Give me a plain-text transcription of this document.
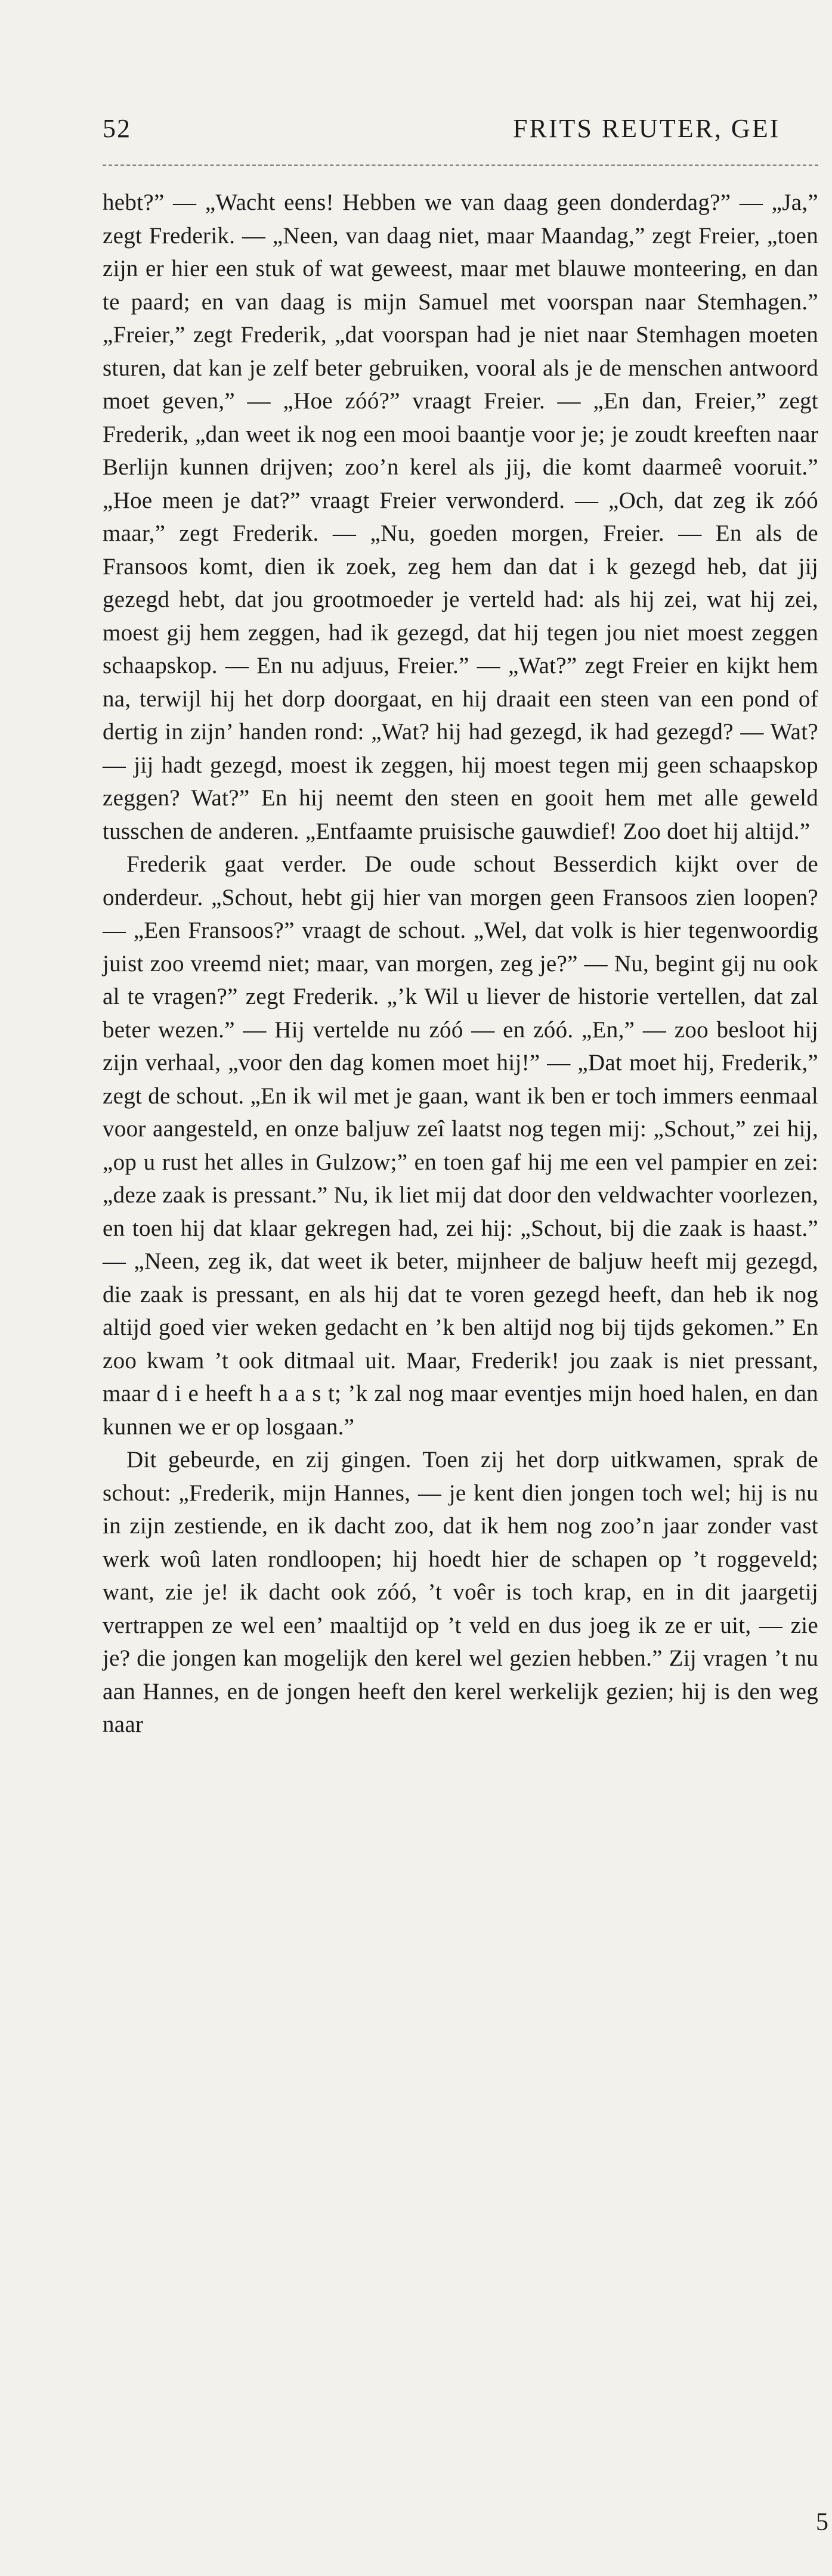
52	FRITS REUTER, GEI

hebt?” — „Wacht eens! Hebben we van daag geen donderdag?” — „Ja,” zegt Frederik. — „Neen, van daag niet, maar Maandag,” zegt Freier, „toen zijn er hier een stuk of wat geweest, maar met blauwe monteering, en dan te paard; en van daag is mijn Samuel met voorspan naar Stemhagen.” „Freier,” zegt Frederik, „dat voorspan had je niet naar Stemhagen moeten sturen, dat kan je zelf beter gebruiken, vooral als je de menschen antwoord moet geven,” — „Hoe zóó?” vraagt Freier. — „En dan, Freier,” zegt Frederik, „dan weet ik nog een mooi baantje voor je; je zoudt kreeften naar Berlijn kunnen drijven; zoo’n kerel als jij, die komt daarmeê vooruit.” „Hoe meen je dat?” vraagt Freier verwonderd. — „Och, dat zeg ik zóó maar,” zegt Frederik. — „Nu, goeden morgen, Freier. — En als de Fransoos komt, dien ik zoek, zeg hem dan dat i k gezegd heb, dat jij gezegd hebt, dat jou grootmoeder je verteld had: als hij zei, wat hij zei, moest gij hem zeggen, had ik gezegd, dat hij tegen jou niet moest zeggen schaapskop. — En nu adjuus, Freier.” — „Wat?” zegt Freier en kijkt hem na, terwijl hij het dorp doorgaat, en hij draait een steen van een pond of dertig in zijn’ handen rond: „Wat? hij had gezegd, ik had gezegd? — Wat? — jij hadt gezegd, moest ik zeggen, hij moest tegen mij geen schaapskop zeggen? Wat?” En hij neemt den steen en gooit hem met alle geweld tusschen de anderen. „Entfaamte pruisische gauwdief! Zoo doet hij altijd.”

Frederik gaat verder. De oude schout Besserdich kijkt over de onderdeur. „Schout, hebt gij hier van morgen geen Fransoos zien loopen? — „Een Fransoos?” vraagt de schout. „Wel, dat volk is hier tegenwoordig juist zoo vreemd niet; maar, van morgen, zeg je?” — Nu, begint gij nu ook al te vragen?” zegt Frederik. „’k Wil u liever de historie vertellen, dat zal beter wezen.” — Hij vertelde nu zóó — en zóó. „En,” — zoo besloot hij zijn verhaal, „voor den dag komen moet hij!” — „Dat moet hij, Frederik,” zegt de schout. „En ik wil met je gaan, want ik ben er toch immers eenmaal voor aangesteld, en onze baljuw zeî laatst nog tegen mij: „Schout,” zei hij, „op u rust het alles in Gulzow;” en toen gaf hij me een vel pampier en zei: „deze zaak is pressant.” Nu, ik liet mij dat door den veldwachter voorlezen, en toen hij dat klaar gekregen had, zei hij: „Schout, bij die zaak is haast.” — „Neen, zeg ik, dat weet ik beter, mijnheer de baljuw heeft mij gezegd, die zaak is pressant, en als hij dat te voren gezegd heeft, dan heb ik nog altijd goed vier weken gedacht en ’k ben altijd nog bij tijds gekomen.” En zoo kwam ’t ook ditmaal uit. Maar, Frederik! jou zaak is niet pressant, maar d i e heeft h a a s t; ’k zal nog maar eventjes mijn hoed halen, en dan kunnen we er op losgaan.”

Dit gebeurde, en zij gingen. Toen zij het dorp uitkwamen, sprak de schout: „Frederik, mijn Hannes, — je kent dien jongen toch wel; hij is nu in zijn zestiende, en ik dacht zoo, dat ik hem nog zoo’n jaar zonder vast werk woû laten rondloopen; hij hoedt hier de schapen op ’t roggeveld; want, zie je! ik dacht ook zóó, ’t voêr is toch krap, en in dit jaargetij vertrappen ze wel een’ maaltijd op ’t veld en dus joeg ik ze er uit, — zie je? die jongen kan mogelijk den kerel wel gezien hebben.” Zij vragen ’t nu aan Hannes, en de jongen heeft den kerel werkelijk gezien; hij is den weg naar

5
